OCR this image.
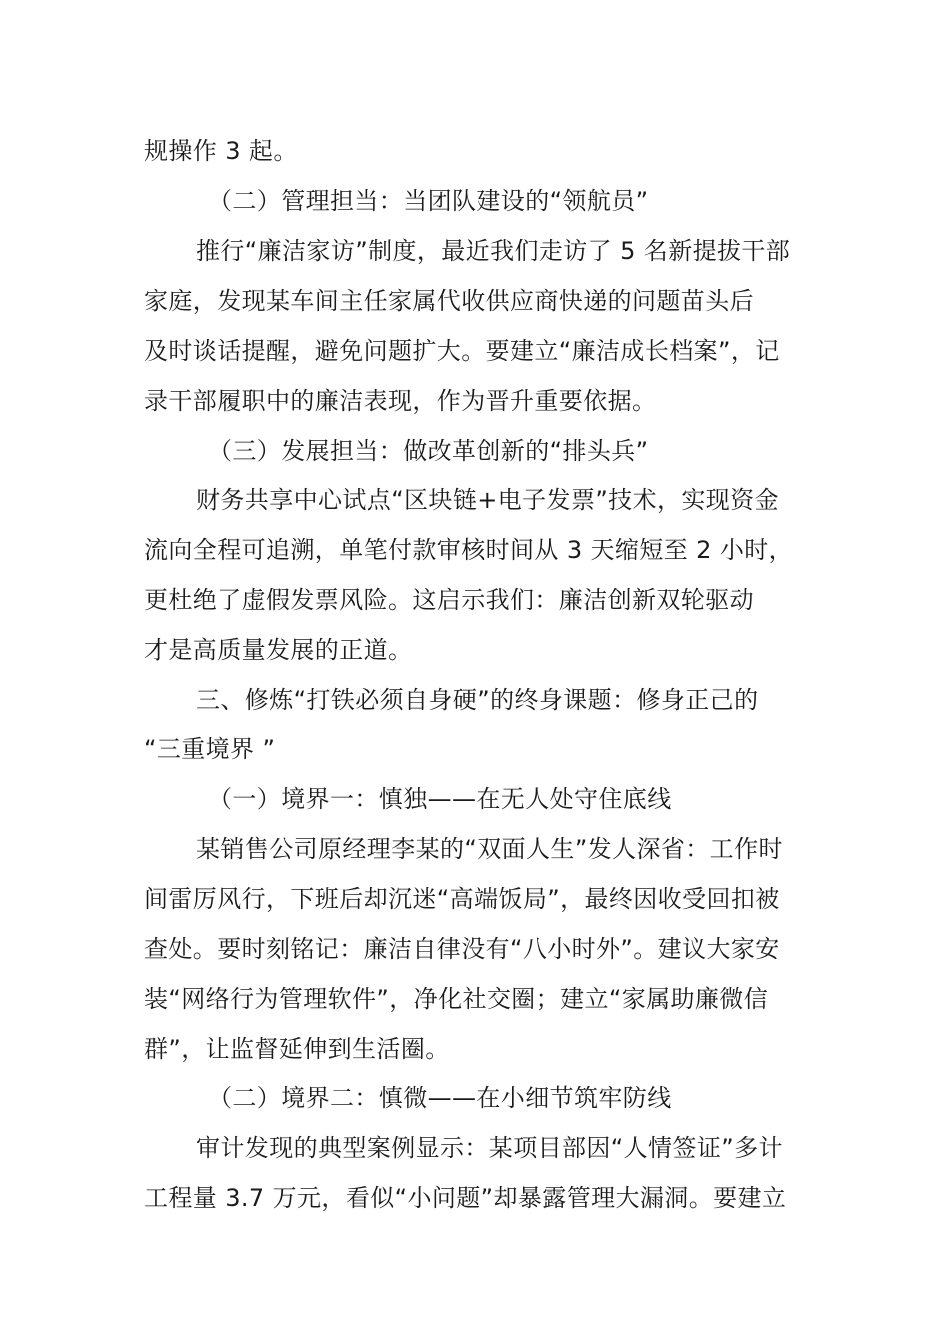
规操作 3 起。
（二）管理担当：当团队建设的“领航员”
推行“廉洁家访”制度，最近我们走访了 5 名新提拔干部
家庭，发现某车间主任家属代收供应商快递的问题苗头后
及时谈话提醒，避免问题扩大。要建立“廉洁成长档案”，记
录干部履职中的廉洁表现，作为晋升重要依据。
（三）发展担当：做改革创新的“排头兵”
财务共享中心试点“区块链+电子发票”技术，实现资金
流向全程可追溯，单笔付款审核时间从 3 天缩短至 2 小时，
更杜绝了虚假发票风险。这启示我们：廉洁创新双轮驱动
才是高质量发展的正道。
三、修炼“打铁必须自身硬”的终身课题：修身正己的
“三重境界 ”
（一）境界一：慎独——在无人处守住底线
某销售公司原经理李某的“双面人生”发人深省：工作时
间雷厉风行，下班后却沉迷“高端饭局”，最终因收受回扣被
查处。要时刻铭记：廉洁自律没有“八小时外”。建议大家安
装“网络行为管理软件”，净化社交圈；建立“家属助廉微信
群”，让监督延伸到生活圈。
（二）境界二：慎微——在小细节筑牢防线
审计发现的典型案例显示：某项目部因“人情签证”多计
工程量 3.7 万元，看似“小问题”却暴露管理大漏洞。要建立
